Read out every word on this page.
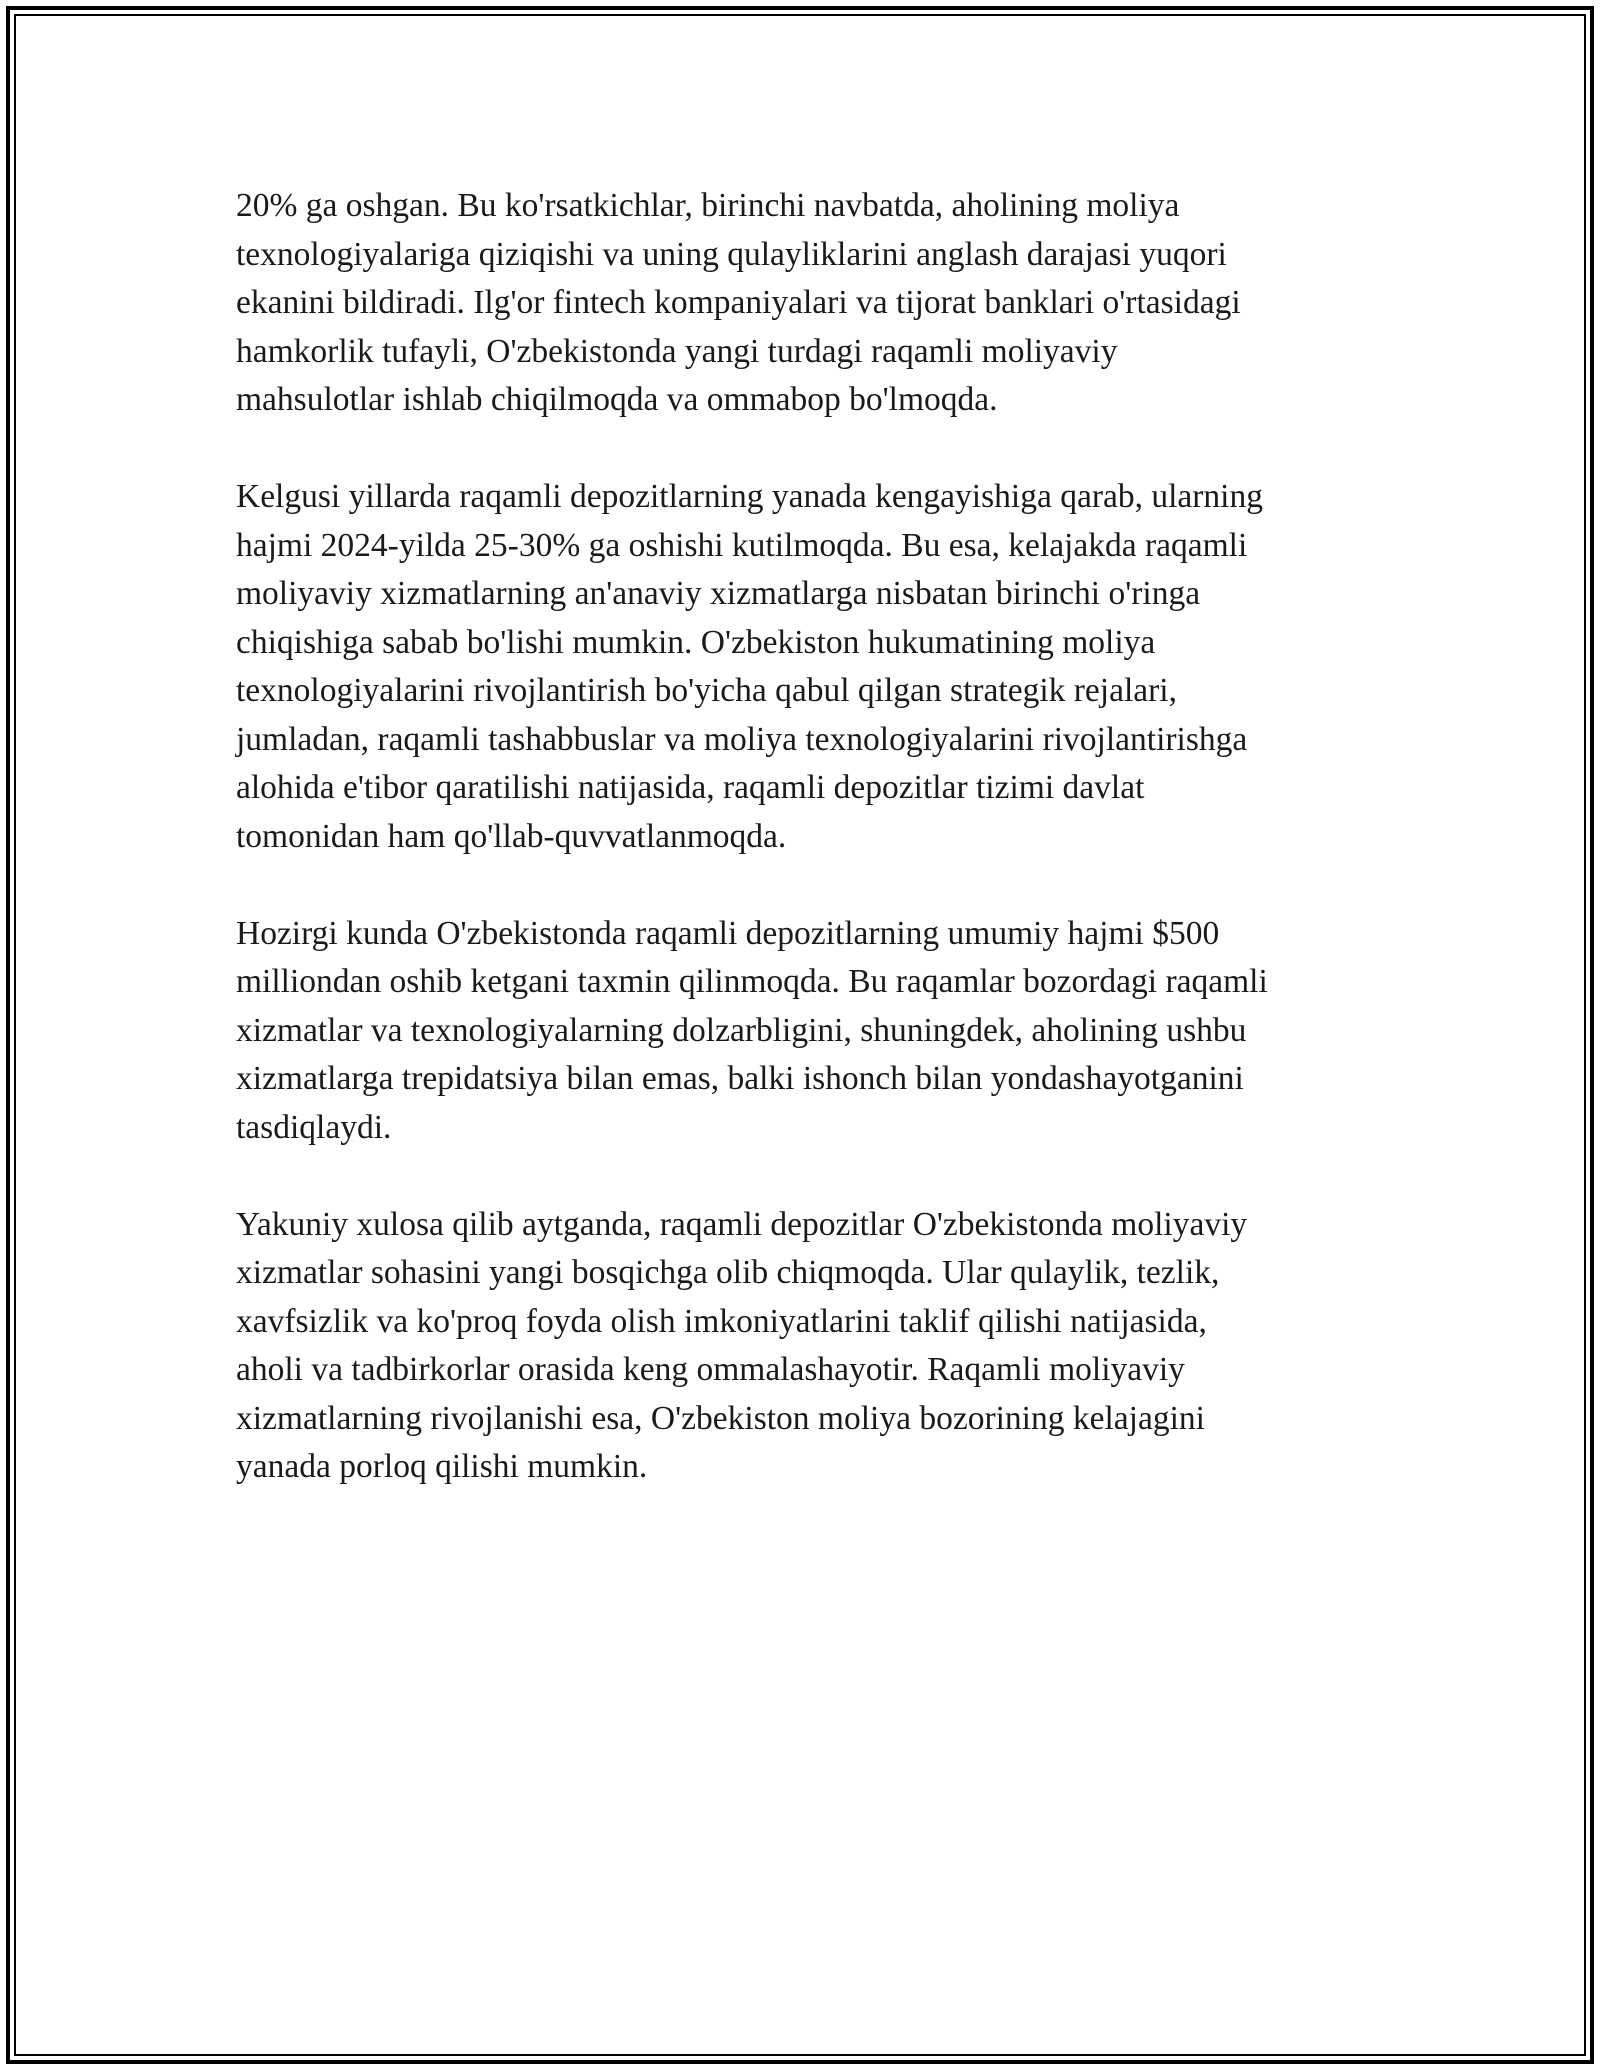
20% ga oshgan. Bu ko'rsatkichlar, birinchi navbatda, aholining moliya
texnologiyalariga qiziqishi va uning qulayliklarini anglash darajasi yuqori
ekanini bildiradi. Ilg'or fintech kompaniyalari va tijorat banklari o'rtasidagi
hamkorlik tufayli, O'zbekistonda yangi turdagi raqamli moliyaviy
mahsulotlar ishlab chiqilmoqda va ommabop bo'lmoqda.

Kelgusi yillarda raqamli depozitlarning yanada kengayishiga qarab, ularning
hajmi 2024-yilda 25-30% ga oshishi kutilmoqda. Bu esa, kelajakda raqamli
moliyaviy xizmatlarning an'anaviy xizmatlarga nisbatan birinchi o'ringa
chiqishiga sabab bo'lishi mumkin. O'zbekiston hukumatining moliya
texnologiyalarini rivojlantirish bo'yicha qabul qilgan strategik rejalari,
jumladan, raqamli tashabbuslar va moliya texnologiyalarini rivojlantirishga
alohida e'tibor qaratilishi natijasida, raqamli depozitlar tizimi davlat
tomonidan ham qo'llab-quvvatlanmoqda.

Hozirgi kunda O'zbekistonda raqamli depozitlarning umumiy hajmi $500
milliondan oshib ketgani taxmin qilinmoqda. Bu raqamlar bozordagi raqamli
xizmatlar va texnologiyalarning dolzarbligini, shuningdek, aholining ushbu
xizmatlarga trepidatsiya bilan emas, balki ishonch bilan yondashayotganini
tasdiqlaydi.

Yakuniy xulosa qilib aytganda, raqamli depozitlar O'zbekistonda moliyaviy
xizmatlar sohasini yangi bosqichga olib chiqmoqda. Ular qulaylik, tezlik,
xavfsizlik va ko'proq foyda olish imkoniyatlarini taklif qilishi natijasida,
aholi va tadbirkorlar orasida keng ommalashayotir. Raqamli moliyaviy
xizmatlarning rivojlanishi esa, O'zbekiston moliya bozorining kelajagini
yanada porloq qilishi mumkin.
